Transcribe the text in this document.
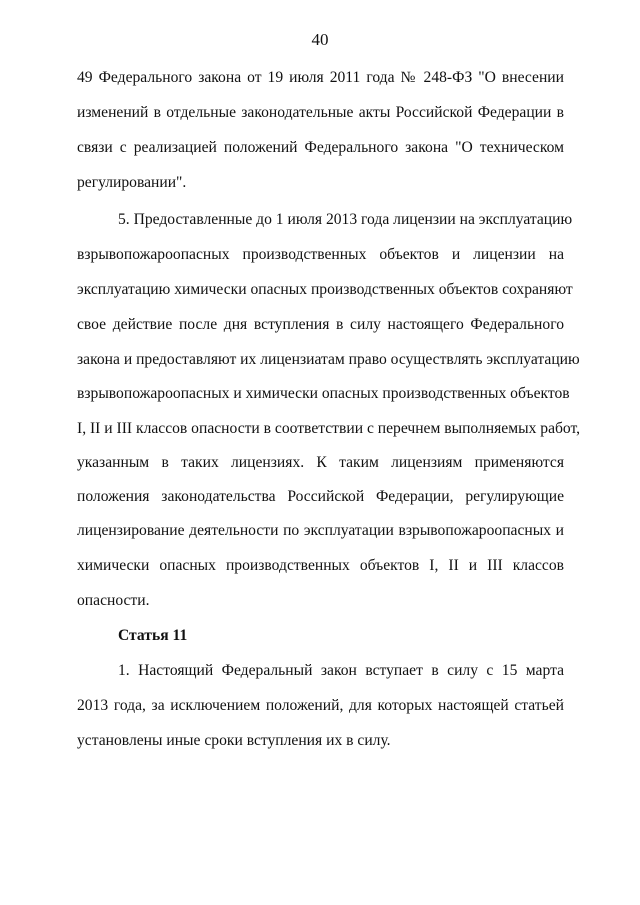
40
49 Федерального закона от 19 июля 2011 года № 248-ФЗ "О внесении
изменений в отдельные законодательные акты Российской Федерации в
связи с реализацией положений Федерального закона "О техническом
регулировании".
5. Предоставленные до 1 июля 2013 года лицензии на эксплуатацию
взрывопожароопасных производственных объектов и лицензии на
эксплуатацию химически опасных производственных объектов сохраняют
свое действие после дня вступления в силу настоящего Федерального
закона и предоставляют их лицензиатам право осуществлять эксплуатацию
взрывопожароопасных и химически опасных производственных объектов
I, II и III классов опасности в соответствии с перечнем выполняемых работ,
указанным в таких лицензиях. К таким лицензиям применяются
положения законодательства Российской Федерации, регулирующие
лицензирование деятельности по эксплуатации взрывопожароопасных и
химически опасных производственных объектов I, II и III классов
опасности.
Статья 11
1. Настоящий Федеральный закон вступает в силу с 15 марта
2013 года, за исключением положений, для которых настоящей статьей
установлены иные сроки вступления их в силу.
